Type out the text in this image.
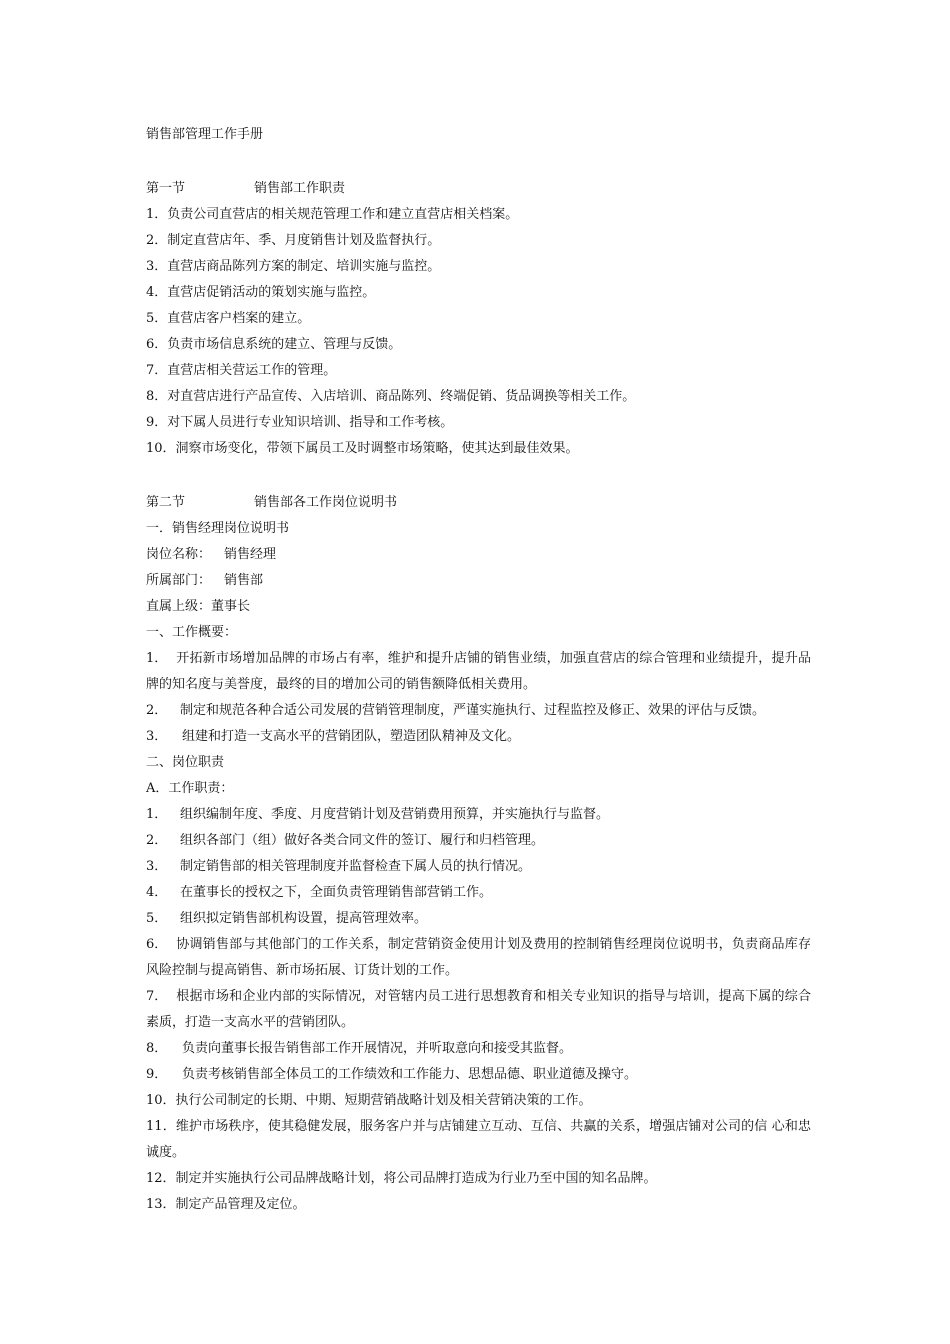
销售部管理工作手册
第一节	销售部工作职责
1．负责公司直营店的相关规范管理工作和建立直营店相关档案。
2．制定直营店年、季、月度销售计划及监督执行。
3．直营店商品陈列方案的制定、培训实施与监控。
4．直营店促销活动的策划实施与监控。
5．直营店客户档案的建立。
6．负责市场信息系统的建立、管理与反馈。
7．直营店相关营运工作的管理。
8．对直营店进行产品宣传、入店培训、商品陈列、终端促销、货品调换等相关工作。
9．对下属人员进行专业知识培训、指导和工作考核。
10．洞察市场变化，带领下属员工及时调整市场策略，使其达到最佳效果。
第二节	销售部各工作岗位说明书
一．销售经理岗位说明书
岗位名称： 销售经理
所属部门： 销售部
直属上级：董事长
一、工作概要：
1． 开拓新市场增加品牌的市场占有率，维护和提升店铺的销售业绩，加强直营店的综合管理和业绩提升，提升品牌的知名度与美誉度，最终的目的增加公司的销售额降低相关费用。
2． 制定和规范各种合适公司发展的营销管理制度，严谨实施执行、过程监控及修正、效果的评估与反馈。
3． 组建和打造一支高水平的营销团队，塑造团队精神及文化。
二、岗位职责
A．工作职责：
1． 组织编制年度、季度、月度营销计划及营销费用预算，并实施执行与监督。
2． 组织各部门（组）做好各类合同文件的签订、履行和归档管理。
3． 制定销售部的相关管理制度并监督检查下属人员的执行情况。
4． 在董事长的授权之下，全面负责管理销售部营销工作。
5． 组织拟定销售部机构设置，提高管理效率。
6． 协调销售部与其他部门的工作关系，制定营销资金使用计划及费用的控制销售经理岗位说明书，负责商品库存风险控制与提高销售、新市场拓展、订货计划的工作。
7． 根据市场和企业内部的实际情况，对管辖内员工进行思想教育和相关专业知识的指导与培训，提高下属的综合素质，打造一支高水平的营销团队。
8． 负责向董事长报告销售部工作开展情况，并听取意向和接受其监督。
9． 负责考核销售部全体员工的工作绩效和工作能力、思想品德、职业道德及操守。
10．执行公司制定的长期、中期、短期营销战略计划及相关营销决策的工作。
11．维护市场秩序，使其稳健发展，服务客户并与店铺建立互动、互信、共赢的关系，增强店铺对公司的信 心和忠诚度。
12．制定并实施执行公司品牌战略计划，将公司品牌打造成为行业乃至中国的知名品牌。
13．制定产品管理及定位。
